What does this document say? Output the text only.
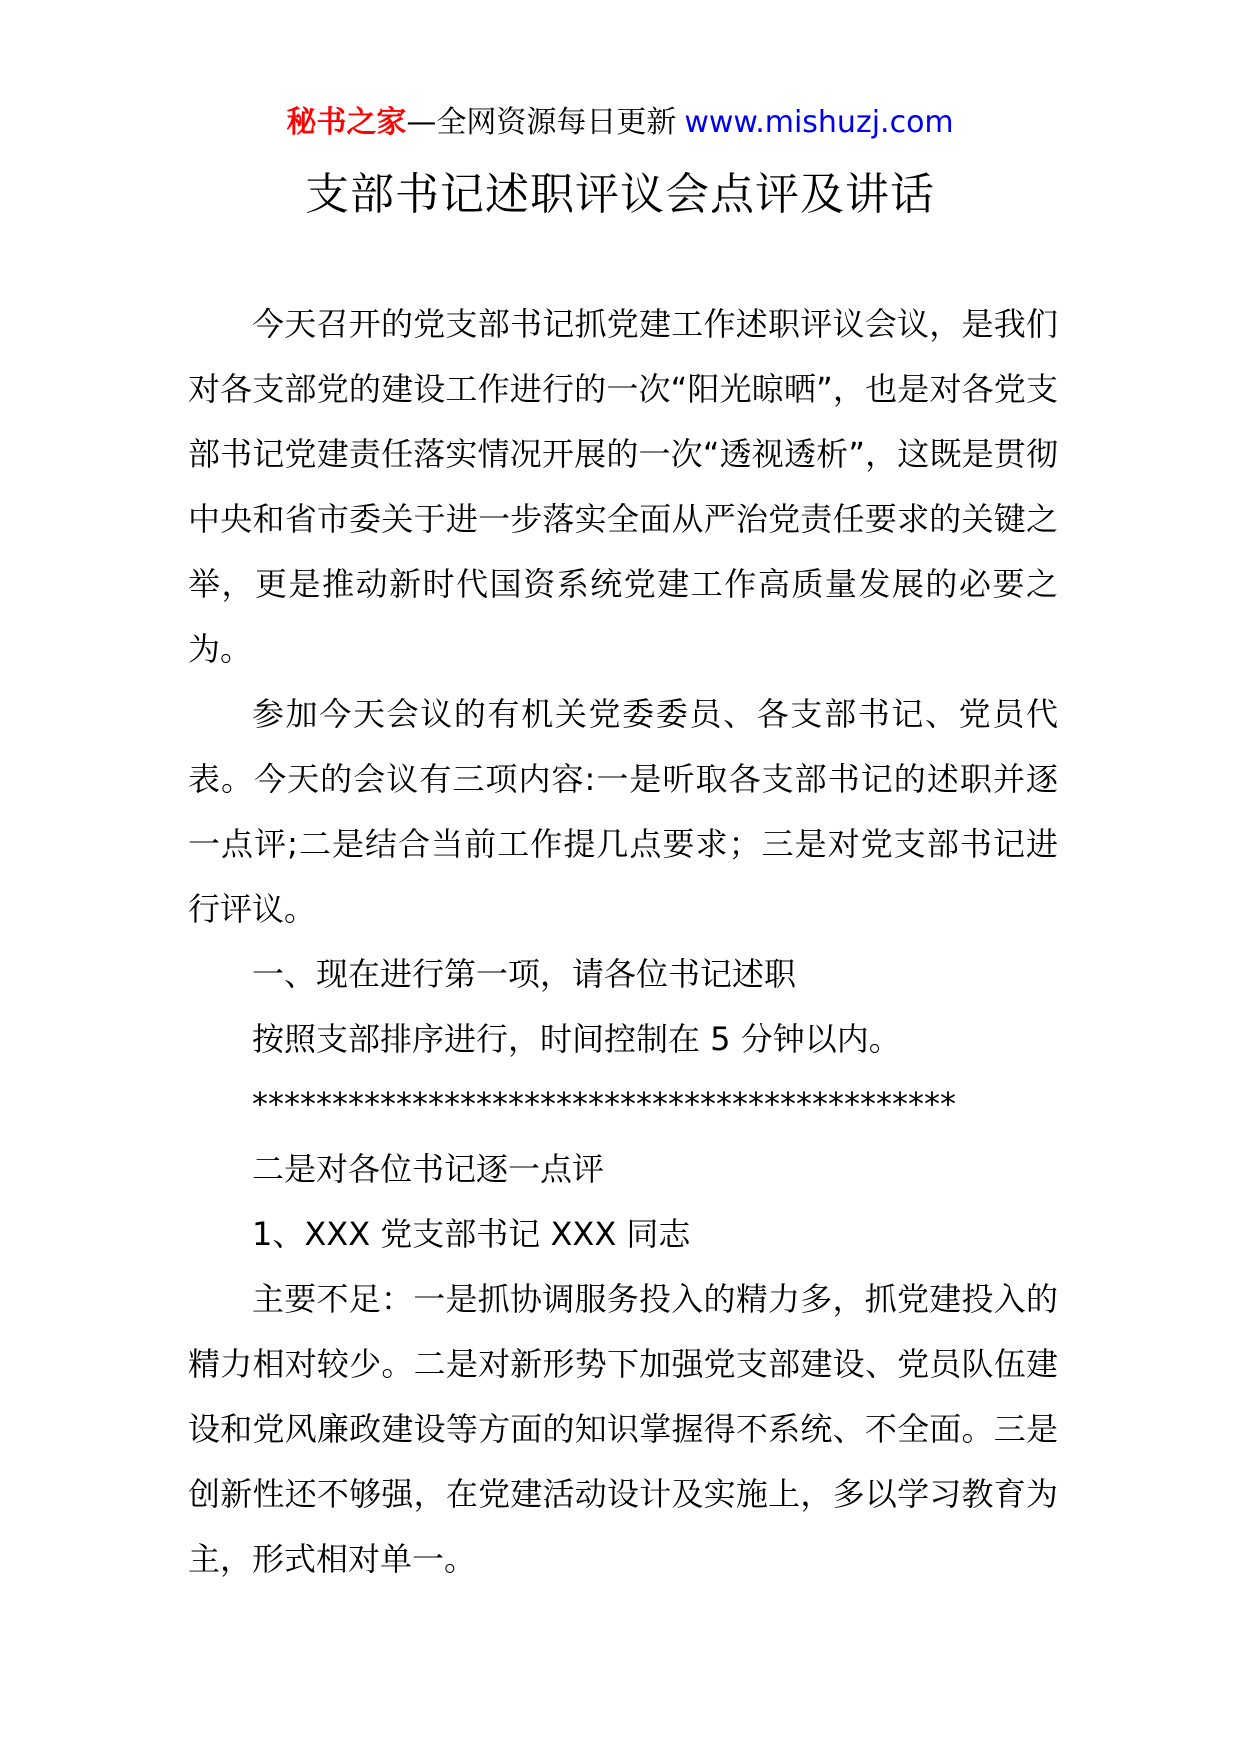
秘书之家—全网资源每日更新 www.mishuzj.com
支部书记述职评议会点评及讲话

今天召开的党支部书记抓党建工作述职评议会议，是我们对各支部党的建设工作进行的一次“阳光晾晒”，也是对各党支部书记党建责任落实情况开展的一次“透视透析”，这既是贯彻中央和省市委关于进一步落实全面从严治党责任要求的关键之举，更是推动新时代国资系统党建工作高质量发展的必要之为。

参加今天会议的有机关党委委员、各支部书记、党员代表。今天的会议有三项内容:一是听取各支部书记的述职并逐一点评;二是结合当前工作提几点要求；三是对党支部书记进行评议。

一、现在进行第一项，请各位书记述职

按照支部排序进行，时间控制在 5 分钟以内。

********************************************

二是对各位书记逐一点评

1、XXX 党支部书记 XXX 同志

主要不足：一是抓协调服务投入的精力多，抓党建投入的精力相对较少。二是对新形势下加强党支部建设、党员队伍建设和党风廉政建设等方面的知识掌握得不系统、不全面。三是创新性还不够强，在党建活动设计及实施上，多以学习教育为主，形式相对单一。
